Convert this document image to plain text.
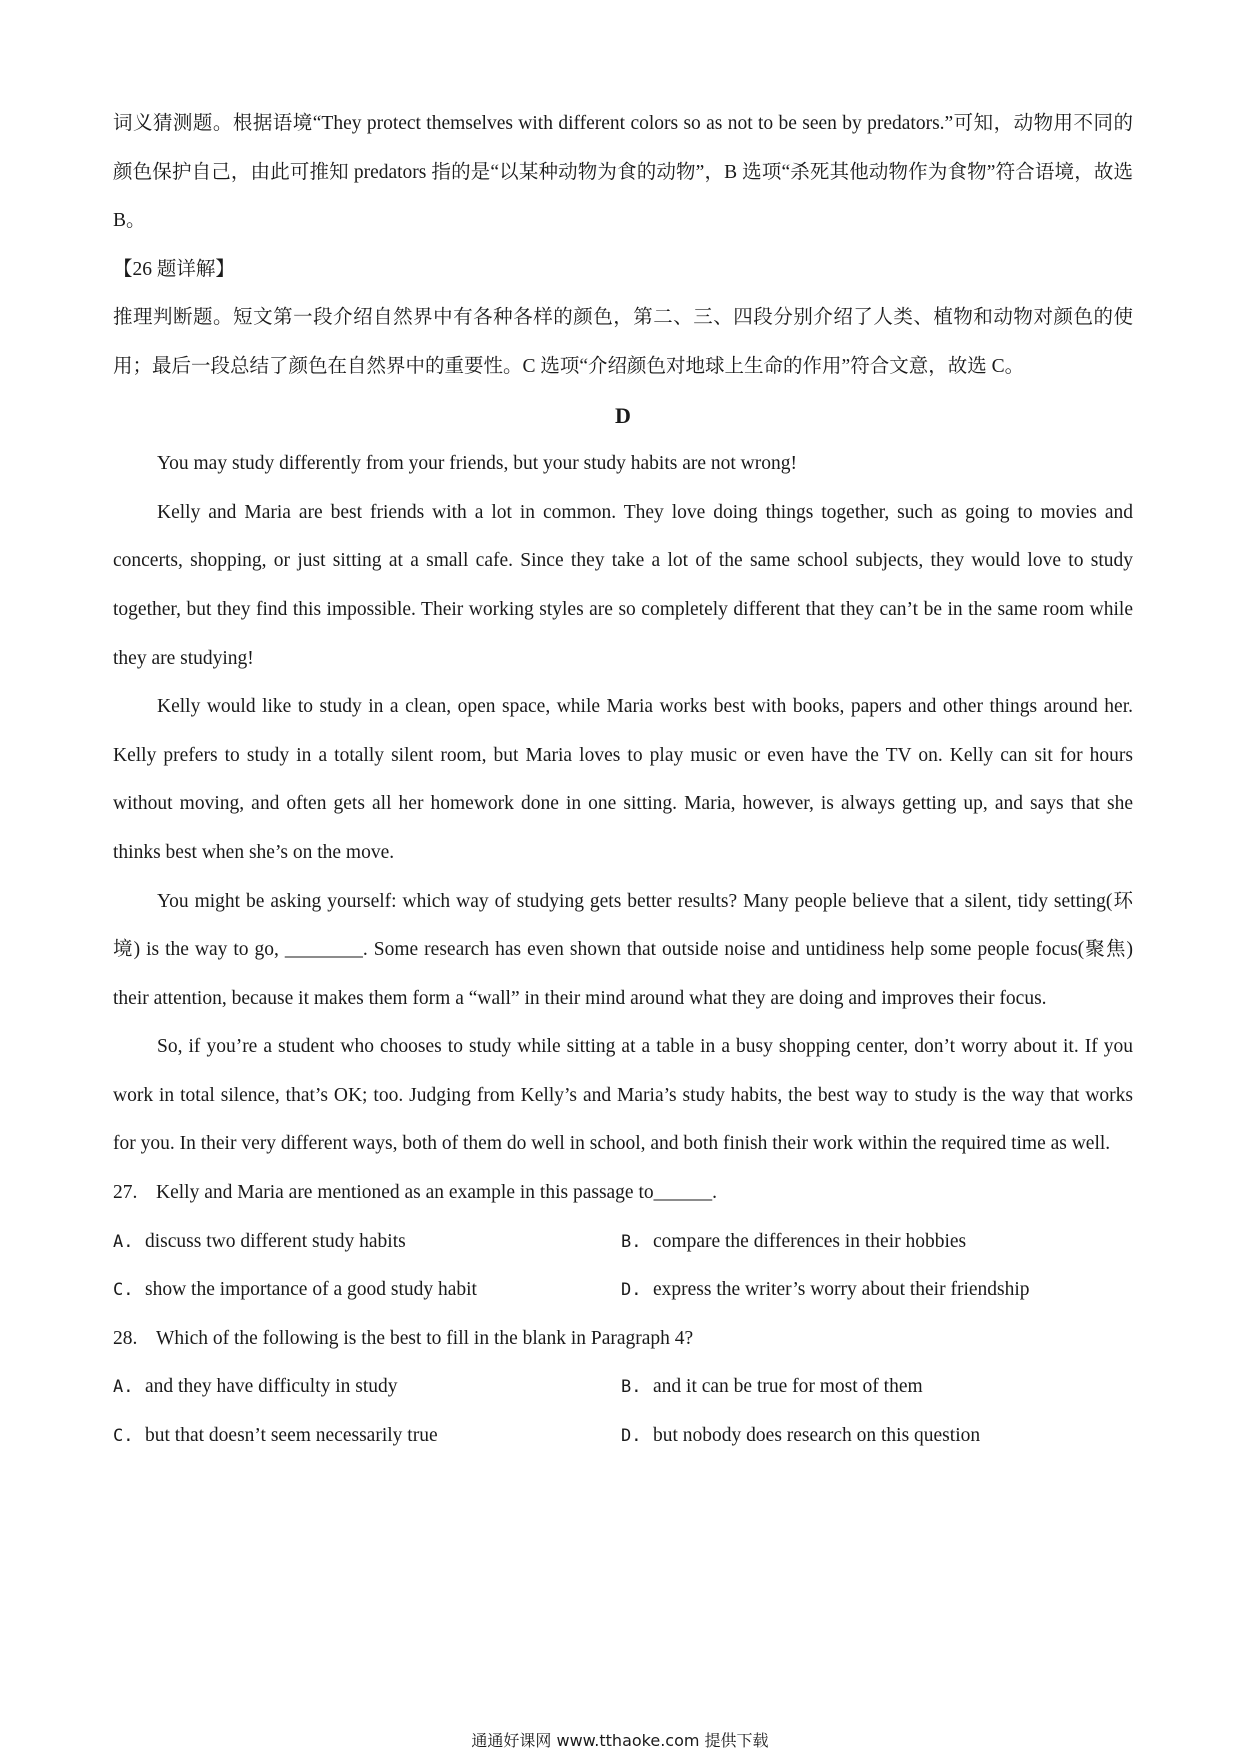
词义猜测题。根据语境“They protect themselves with different colors so as not to be seen by predators.”可知，动物用不同的颜色保护自己，由此可推知 predators 指的是“以某种动物为食的动物”，B 选项“杀死其他动物作为食物”符合语境，故选 B。

【26 题详解】

推理判断题。短文第一段介绍自然界中有各种各样的颜色，第二、三、四段分别介绍了人类、植物和动物对颜色的使用；最后一段总结了颜色在自然界中的重要性。C 选项“介绍颜色对地球上生命的作用”符合文意，故选 C。

D

You may study differently from your friends, but your study habits are not wrong!

Kelly and Maria are best friends with a lot in common. They love doing things together, such as going to movies and concerts, shopping, or just sitting at a small cafe. Since they take a lot of the same school subjects, they would love to study together, but they find this impossible. Their working styles are so completely different that they can’t be in the same room while they are studying!

Kelly would like to study in a clean, open space, while Maria works best with books, papers and other things around her. Kelly prefers to study in a totally silent room, but Maria loves to play music or even have the TV on. Kelly can sit for hours without moving, and often gets all her homework done in one sitting. Maria, however, is always getting up, and says that she thinks best when she’s on the move.

You might be asking yourself: which way of studying gets better results? Many people believe that a silent, tidy setting(环境) is the way to go, ________. Some research has even shown that outside noise and untidiness help some people focus(聚焦) their attention, because it makes them form a “wall” in their mind around what they are doing and improves their focus.

So, if you’re a student who chooses to study while sitting at a table in a busy shopping center, don’t worry about it. If you work in total silence, that’s OK; too. Judging from Kelly’s and Maria’s study habits, the best way to study is the way that works for you. In their very different ways, both of them do well in school, and both finish their work within the required time as well.

27. Kelly and Maria are mentioned as an example in this passage to______.
A. discuss two different study habits	B. compare the differences in their hobbies
C. show the importance of a good study habit	D. express the writer’s worry about their friendship
28. Which of the following is the best to fill in the blank in Paragraph 4?
A. and they have difficulty in study	B. and it can be true for most of them
C. but that doesn’t seem necessarily true	D. but nobody does research on this question
通通好课网 www.tthaoke.com 提供下载
